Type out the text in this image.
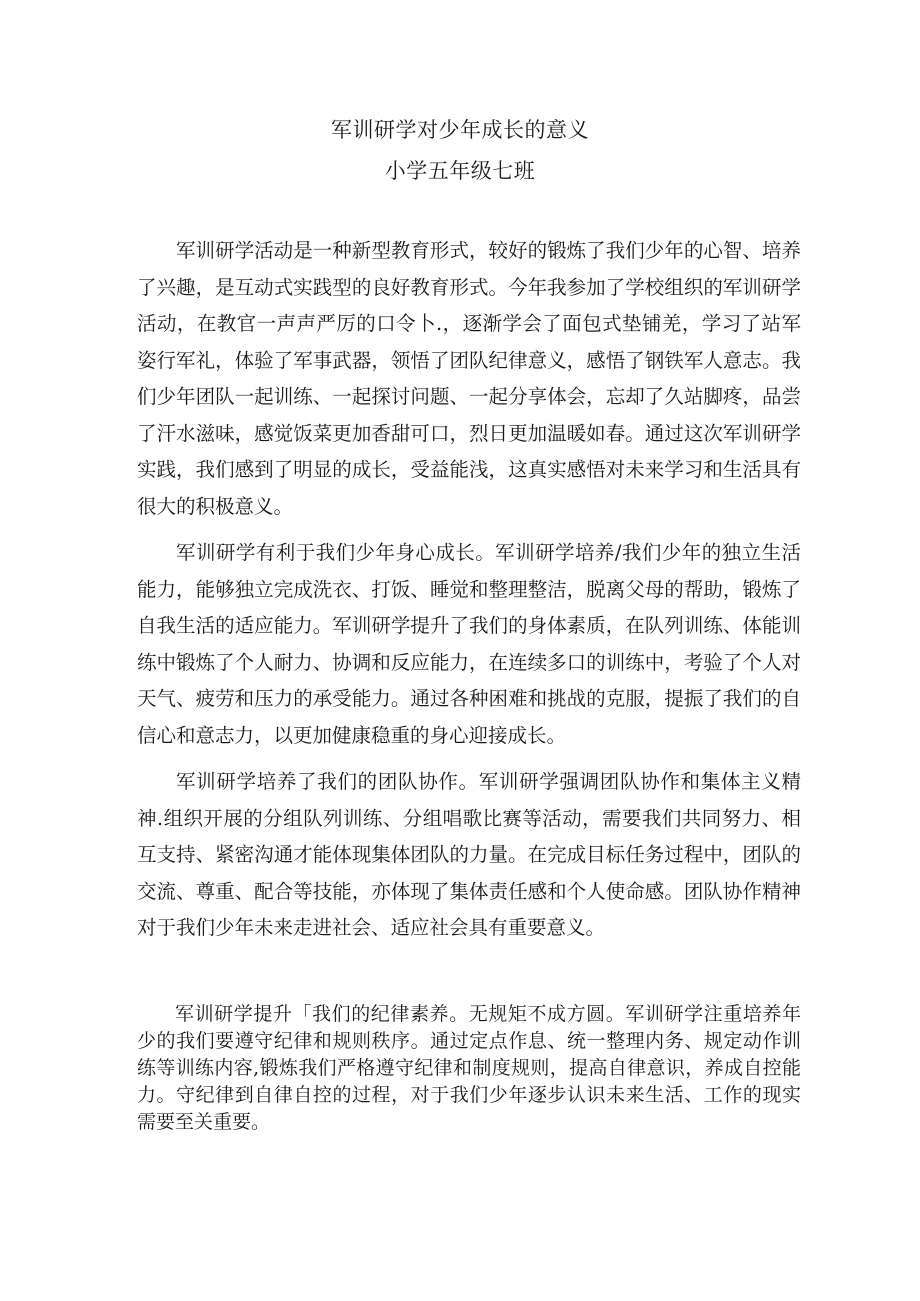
军训研学对少年成长的意义
小学五年级七班

军训研学活动是一种新型教育形式，较好的锻炼了我们少年的心智、培养了兴趣，是互动式实践型的良好教育形式。今年我参加了学校组织的军训研学活动，在教官一声声严厉的口令卜.，逐渐学会了面包式垫铺羌，学习了站军姿行军礼，体验了军事武器，领悟了团队纪律意义，感悟了钢铁军人意志。我们少年团队一起训练、一起探讨问题、一起分享体会，忘却了久站脚疼，品尝了汗水滋味，感觉饭菜更加香甜可口，烈日更加温暖如春。通过这次军训研学实践，我们感到了明显的成长，受益能浅，这真实感悟对未来学习和生活具有很大的积极意义。

军训研学有利于我们少年身心成长。军训研学培养/我们少年的独立生活能力，能够独立完成洗衣、打饭、睡觉和整理整洁，脱离父母的帮助，锻炼了自我生活的适应能力。军训研学提升了我们的身体素质，在队列训练、体能训练中锻炼了个人耐力、协调和反应能力，在连续多口的训练中，考验了个人对天气、疲劳和压力的承受能力。通过各种困难和挑战的克服，提振了我们的自信心和意志力，以更加健康稳重的身心迎接成长。

军训研学培养了我们的团队协作。军训研学强调团队协作和集体主义精神.组织开展的分组队列训练、分组唱歌比赛等活动，需要我们共同努力、相互支持、紧密沟通才能体现集体团队的力量。在完成目标任务过程中，团队的交流、尊重、配合等技能，亦体现了集体责任感和个人使命感。团队协作精神对于我们少年未来走进社会、适应社会具有重要意义。

军训研学提升「我们的纪律素养。无规矩不成方圆。军训研学注重培养年少的我们要遵守纪律和规则秩序。通过定点作息、统一整理内务、规定动作训练等训练内容,锻炼我们严格遵守纪律和制度规则，提高自律意识，养成自控能力。守纪律到自律自控的过程，对于我们少年逐步认识未来生活、工作的现实需要至关重要。
